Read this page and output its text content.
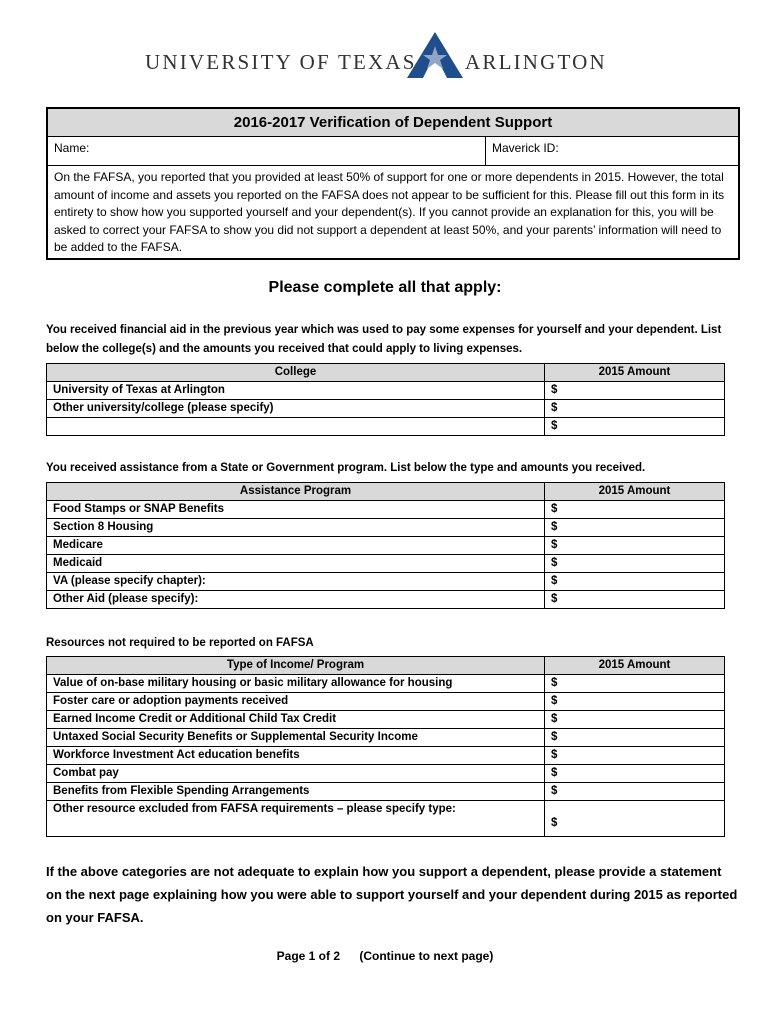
UNIVERSITY OF TEXAS ARLINGTON
2016-2017 Verification of Dependent Support
Name:	Maverick ID:
On the FAFSA, you reported that you provided at least 50% of support for one or more dependents in 2015. However, the total amount of income and assets you reported on the FAFSA does not appear to be sufficient for this. Please fill out this form in its entirety to show how you supported yourself and your dependent(s). If you cannot provide an explanation for this, you will be asked to correct your FAFSA to show you did not support a dependent at least 50%, and your parents’ information will need to be added to the FAFSA.
Please complete all that apply:
You received financial aid in the previous year which was used to pay some expenses for yourself and your dependent. List below the college(s) and the amounts you received that could apply to living expenses.
College	2015 Amount
University of Texas at Arlington	$
Other university/college (please specify)	$
	$
You received assistance from a State or Government program. List below the type and amounts you received.
Assistance Program	2015 Amount
Food Stamps or SNAP Benefits	$
Section 8 Housing	$
Medicare	$
Medicaid	$
VA (please specify chapter):	$
Other Aid (please specify):	$
Resources not required to be reported on FAFSA
Type of Income/ Program	2015 Amount
Value of on-base military housing or basic military allowance for housing	$
Foster care or adoption payments received	$
Earned Income Credit or Additional Child Tax Credit	$
Untaxed Social Security Benefits or Supplemental Security Income	$
Workforce Investment Act education benefits	$
Combat pay	$
Benefits from Flexible Spending Arrangements	$
Other resource excluded from FAFSA requirements – please specify type:	$
If the above categories are not adequate to explain how you support a dependent, please provide a statement on the next page explaining how you were able to support yourself and your dependent during 2015 as reported on your FAFSA.
Page 1 of 2 (Continue to next page)
